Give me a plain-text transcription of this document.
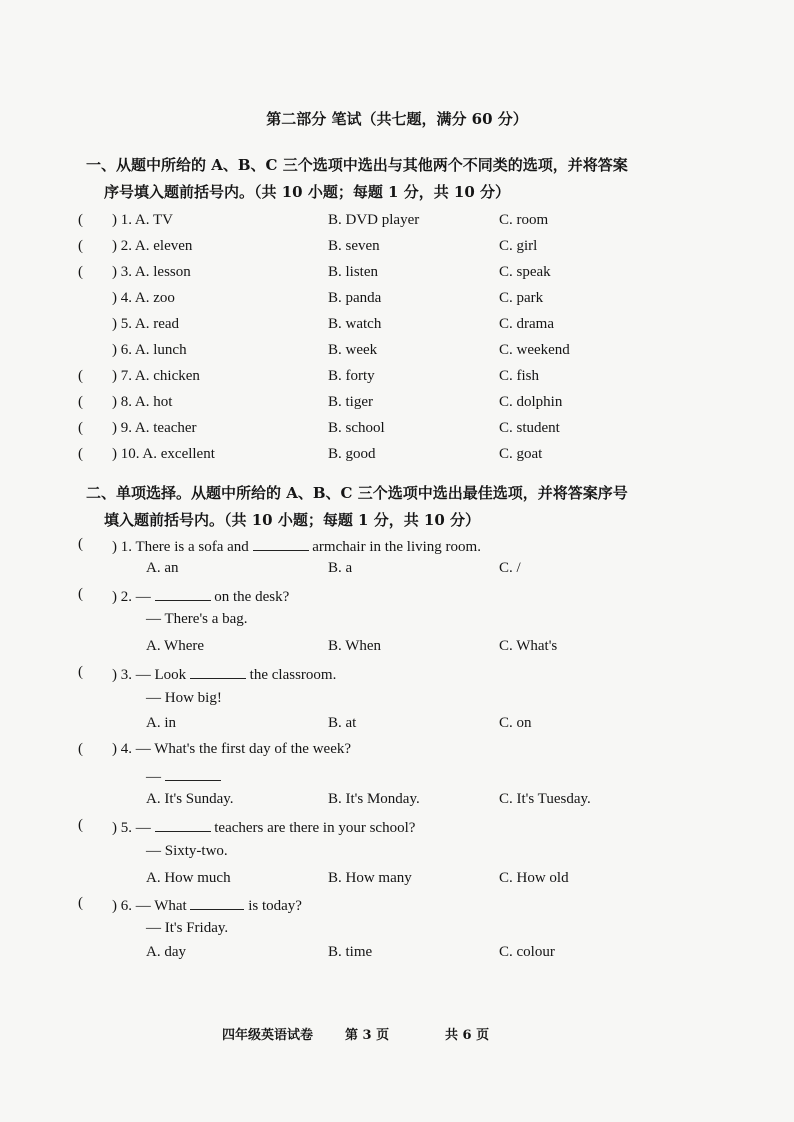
第二部分 笔试（共七题，满分 60 分）
一、从题中所给的 A、B、C 三个选项中选出与其他两个不同类的选项，并将答案
序号填入题前括号内。（共 10 小题；每题 1 分，共 10 分）
( ) 1. A. TV	B. DVD player	C. room
( ) 2. A. eleven	B. seven	C. girl
( ) 3. A. lesson	B. listen	C. speak
) 4. A. zoo	B. panda	C. park
) 5. A. read	B. watch	C. drama
) 6. A. lunch	B. week	C. weekend
( ) 7. A. chicken	B. forty	C. fish
( ) 8. A. hot	B. tiger	C. dolphin
( ) 9. A. teacher	B. school	C. student
( ) 10. A. excellent	B. good	C. goat
二、单项选择。从题中所给的 A、B、C 三个选项中选出最佳选项，并将答案序号
填入题前括号内。（共 10 小题；每题 1 分，共 10 分）
( ) 1. There is a sofa and	armchair in the living room.
A. an	B. a	C. /
( ) 2. —	on the desk?
— There's a bag.
A. Where	B. When	C. What's
( ) 3. — Look	the classroom.
— How big!
A. in	B. at	C. on
( ) 4. — What's the first day of the week?
—
A. It's Sunday.	B. It's Monday.	C. It's Tuesday.
( ) 5. —	teachers are there in your school?
— Sixty-two.
A. How much	B. How many	C. How old
( ) 6. — What	is today?
— It's Friday.
A. day	B. time	C. colour
四年级英语试卷 第 3 页	共 6 页
